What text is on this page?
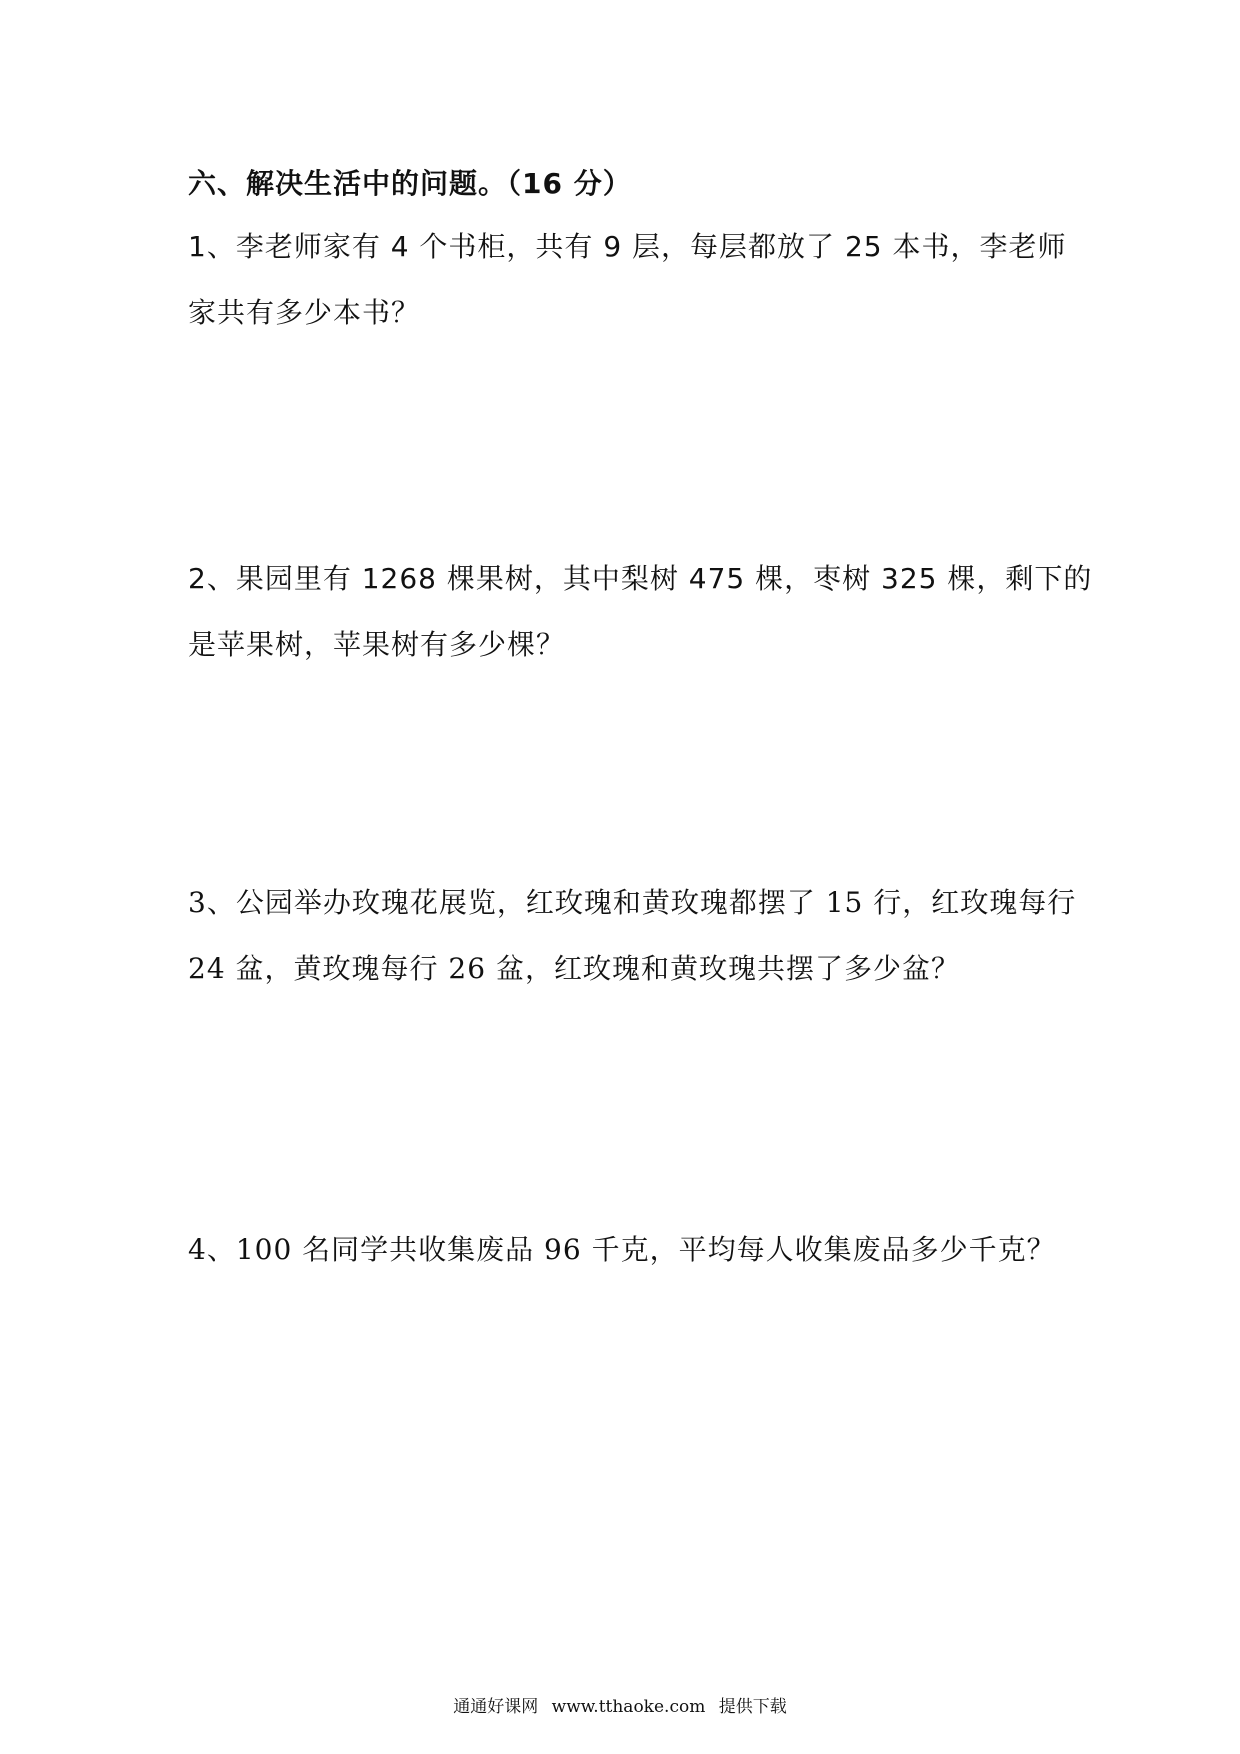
六、解决生活中的问题。（16 分）

1、李老师家有 4 个书柜，共有 9 层，每层都放了 25 本书，李老师

家共有多少本书？

2、果园里有 1268 棵果树，其中梨树 475 棵，枣树 325 棵，剩下的

是苹果树，苹果树有多少棵？

3、公园举办玫瑰花展览，红玫瑰和黄玫瑰都摆了 15 行，红玫瑰每行

24 盆，黄玫瑰每行 26 盆，红玫瑰和黄玫瑰共摆了多少盆？

4、100 名同学共收集废品 96 千克，平均每人收集废品多少千克？

通通好课网 www.tthaoke.com 提供下载
